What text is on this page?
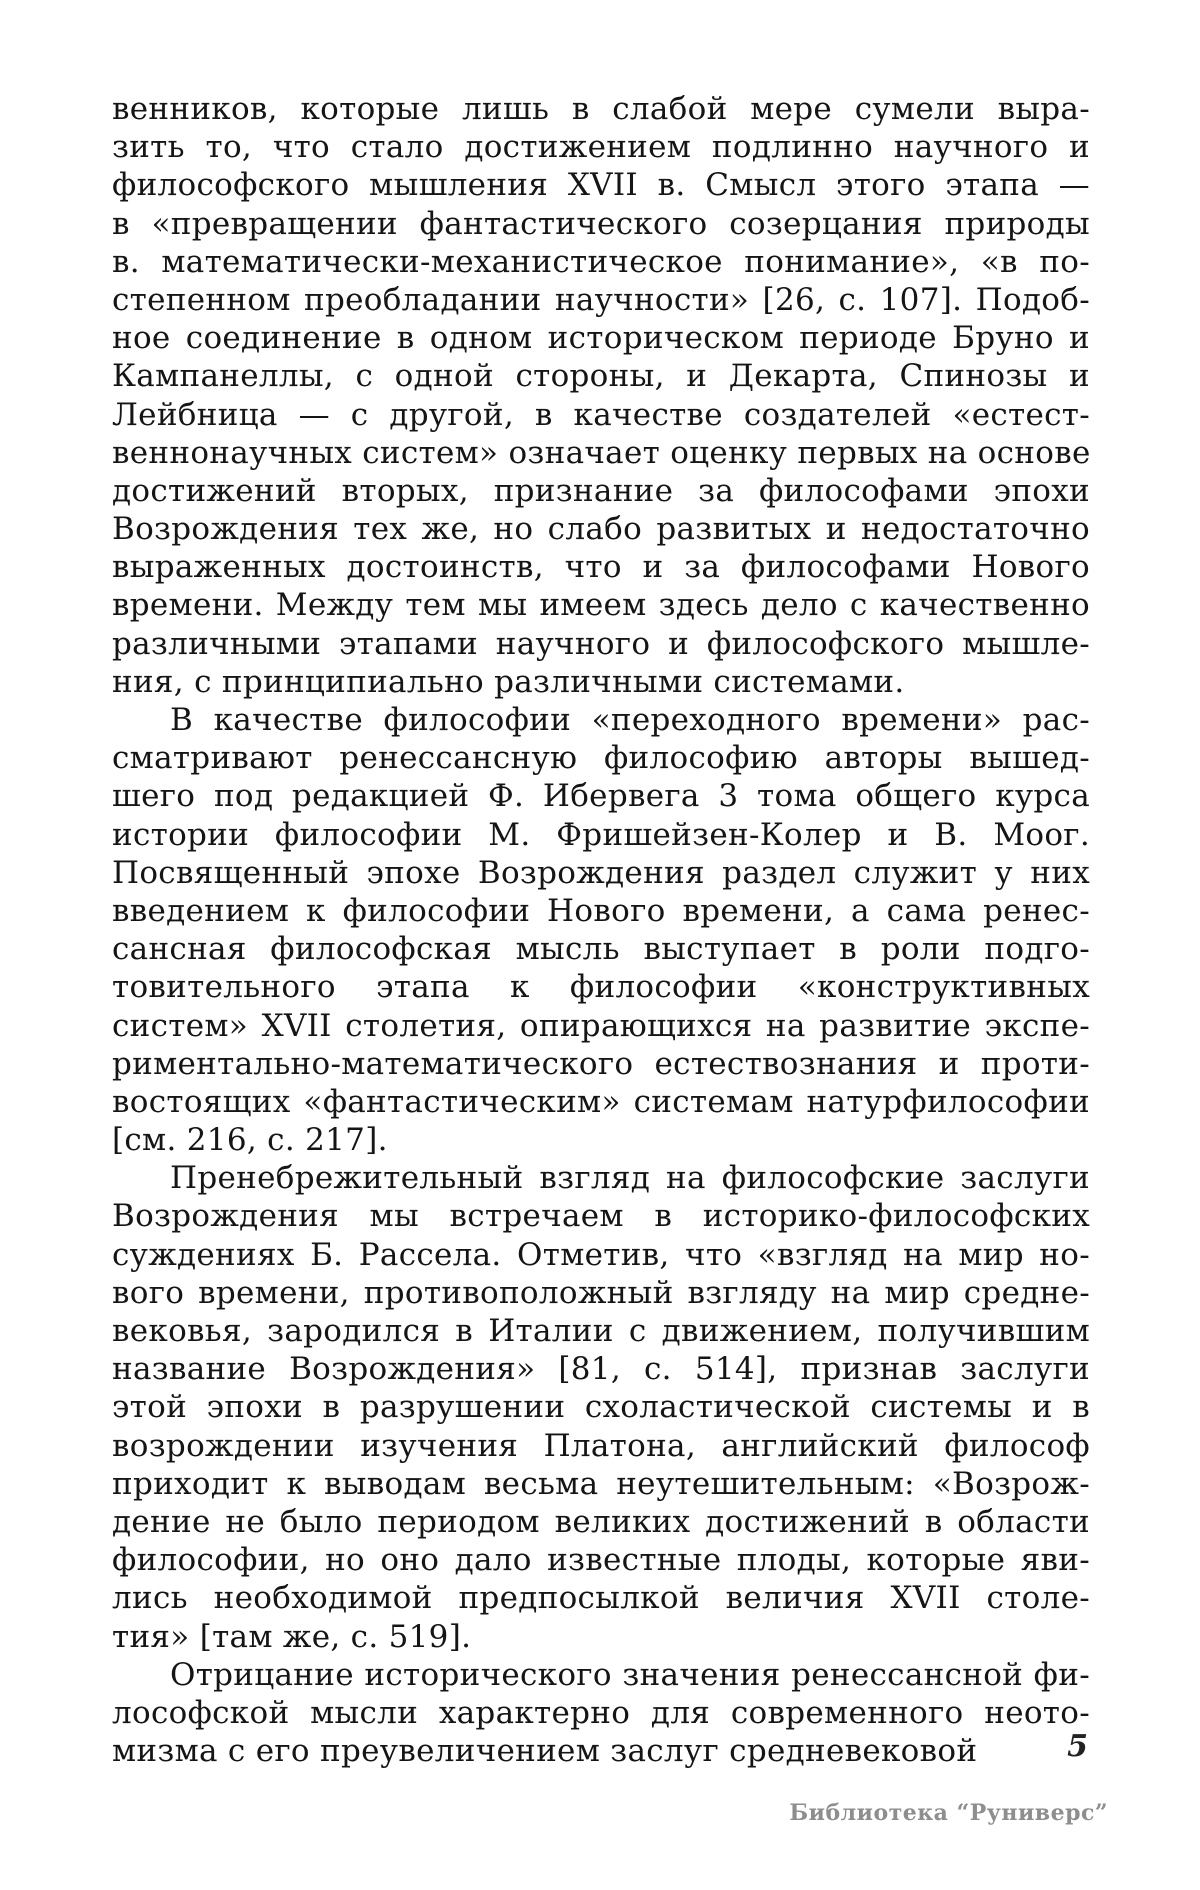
венников, которые лишь в слабой мере сумели выра-
зить то, что стало достижением подлинно научного и
философского мышления XVII в. Смысл этого этапа —
в «превращении фантастического созерцания природы
в. математически-механистическое понимание», «в по-
степенном преобладании научности» [26, с. 107]. Подоб-
ное соединение в одном историческом периоде Бруно и
Кампанеллы, с одной стороны, и Декарта, Спинозы и
Лейбница — с другой, в качестве создателей «естест-
веннонаучных систем» означает оценку первых на основе
достижений вторых, признание за философами эпохи
Возрождения тех же, но слабо развитых и недостаточно
выраженных достоинств, что и за философами Нового
времени. Между тем мы имеем здесь дело с качественно
различными этапами научного и философского мышле-
ния, с принципиально различными системами.
В качестве философии «переходного времени» рас-
сматривают ренессансную философию авторы вышед-
шего под редакцией Ф. Ибервега 3 тома общего курса
истории философии М. Фришейзен-Колер и В. Моог.
Посвященный эпохе Возрождения раздел служит у них
введением к философии Нового времени, а сама ренес-
сансная философская мысль выступает в роли подго-
товительного этапа к философии «конструктивных
систем» XVII столетия, опирающихся на развитие экспе-
риментально-математического естествознания и проти-
востоящих «фантастическим» системам натурфилософии
[см. 216, с. 217].
Пренебрежительный взгляд на философские заслуги
Возрождения мы встречаем в историко-философских
суждениях Б. Рассела. Отметив, что «взгляд на мир но-
вого времени, противоположный взгляду на мир средне-
вековья, зародился в Италии с движением, получившим
название Возрождения» [81, с. 514], признав заслуги
этой эпохи в разрушении схоластической системы и в
возрождении изучения Платона, английский философ
приходит к выводам весьма неутешительным: «Возрож-
дение не было периодом великих достижений в области
философии, но оно дало известные плоды, которые яви-
лись необходимой предпосылкой величия XVII столе-
тия» [там же, с. 519].
Отрицание исторического значения ренессансной фи-
лософской мысли характерно для современного неото-
мизма с его преувеличением заслуг средневековой	5
Библиотека “Руниверс”
